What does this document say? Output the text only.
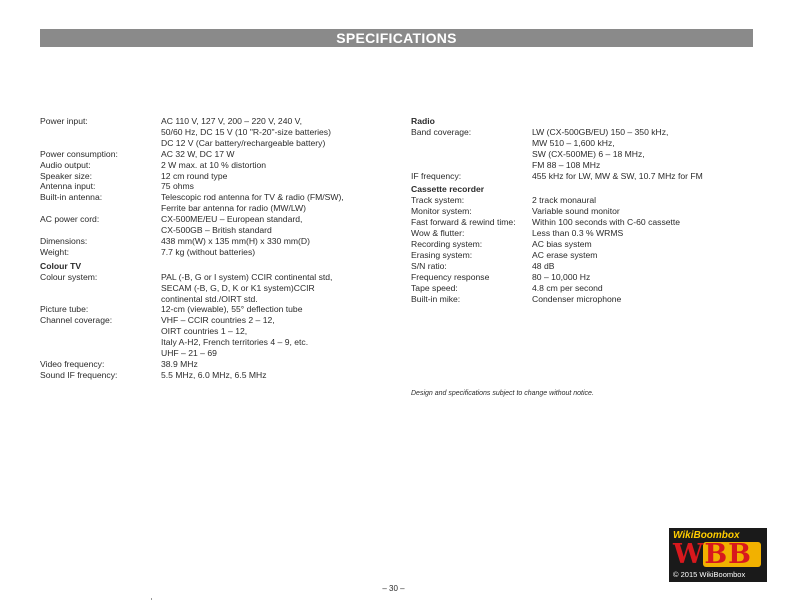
SPECIFICATIONS
Power input:	AC 110 V, 127 V, 200 – 220 V, 240 V,
50/60 Hz, DC 15 V (10 "R-20"-size batteries)
DC 12 V (Car battery/rechargeable battery)
Power consumption:	AC 32 W, DC 17 W
Audio output:	2 W max. at 10 % distortion
Speaker size:	12 cm round type
Antenna input:	75 ohms
Built-in antenna:	Telescopic rod antenna for TV & radio (FM/SW),
Ferrite bar antenna for radio (MW/LW)
AC power cord:	CX-500ME/EU – European standard,
CX-500GB – British standard
Dimensions:	438 mm(W) x 135 mm(H) x 330 mm(D)
Weight:	7.7 kg (without batteries)
Colour TV
Colour system:	PAL (-B, G or I system) CCIR continental std,
SECAM (-B, G, D, K or K1 system)CCIR
continental std./OIRT std.
Picture tube:	12-cm (viewable), 55° deflection tube
Channel coverage:	VHF – CCIR countries 2 – 12,
OIRT countries 1 – 12,
Italy A-H2, French territories 4 – 9, etc.
UHF – 21 – 69
Video frequency:	38.9 MHz
Sound IF frequency:	5.5 MHz, 6.0 MHz, 6.5 MHz
Radio
Band coverage:	LW (CX-500GB/EU) 150 – 350 kHz,
MW 510 – 1,600 kHz,
SW (CX-500ME) 6 – 18 MHz,
FM 88 – 108 MHz
IF frequency:	455 kHz for LW, MW & SW, 10.7 MHz for FM
Cassette recorder
Track system:	2 track monaural
Monitor system:	Variable sound monitor
Fast forward & rewind time: Within 100 seconds with C-60 cassette
Wow & flutter:	Less than 0.3 % WRMS
Recording system:	AC bias system
Erasing system:	AC erase system
S/N ratio:	48 dB
Frequency response	80 – 10,000 Hz
Tape speed:	4.8 cm per second
Built-in mike:	Condenser microphone
Design and specifications subject to change without notice.
– 30 –
WikiBoombox
WBB
© 2015 WikiBoombox
